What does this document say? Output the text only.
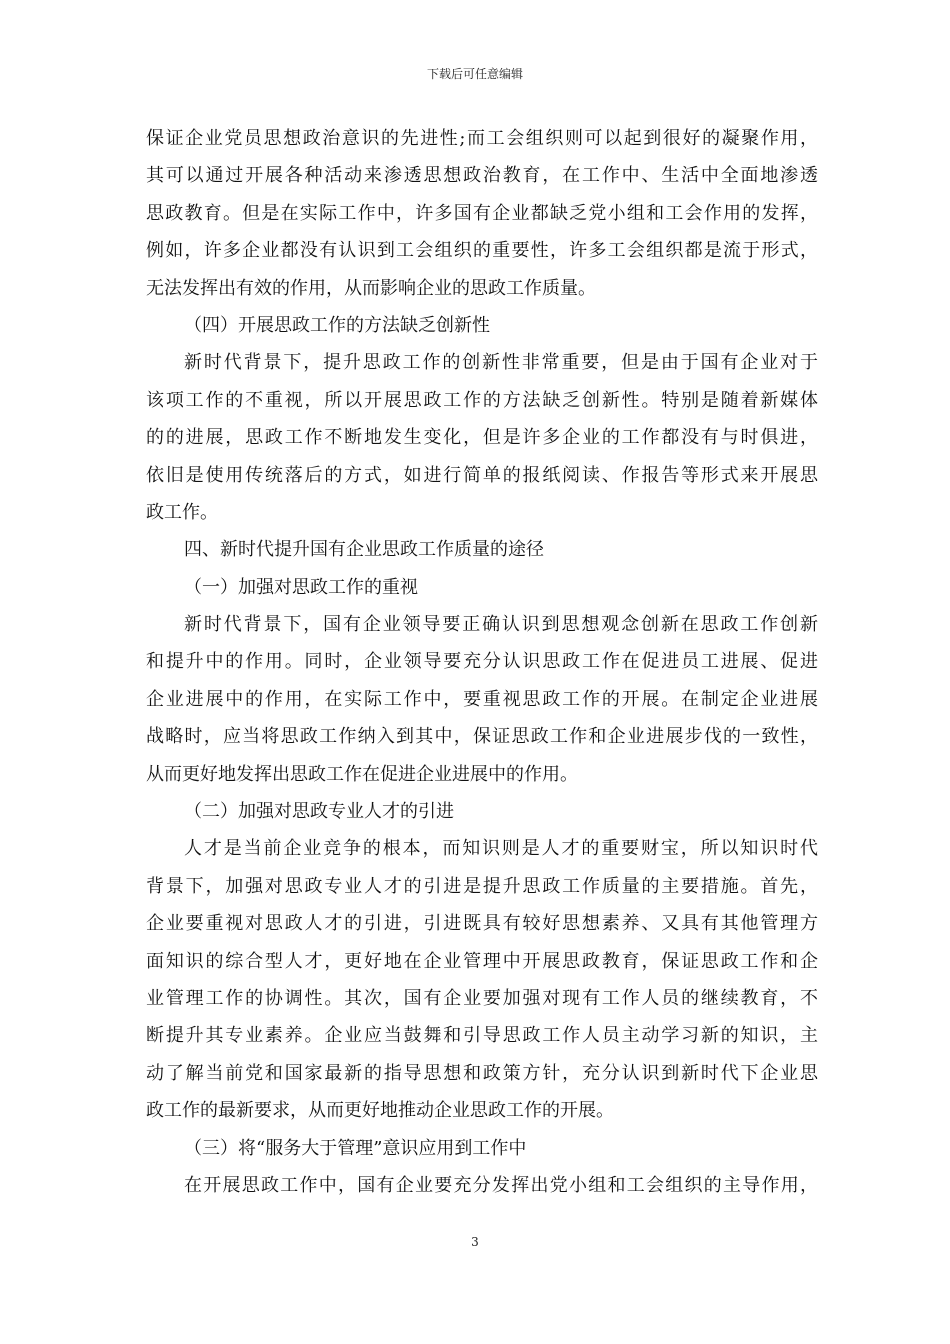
下载后可任意编辑
保证企业党员思想政治意识的先进性;而工会组织则可以起到很好的凝聚作用，
其可以通过开展各种活动来渗透思想政治教育，在工作中、生活中全面地渗透
思政教育。但是在实际工作中，许多国有企业都缺乏党小组和工会作用的发挥，
例如，许多企业都没有认识到工会组织的重要性，许多工会组织都是流于形式，
无法发挥出有效的作用，从而影响企业的思政工作质量。
（四）开展思政工作的方法缺乏创新性
新时代背景下，提升思政工作的创新性非常重要，但是由于国有企业对于
该项工作的不重视，所以开展思政工作的方法缺乏创新性。特别是随着新媒体
的的进展，思政工作不断地发生变化，但是许多企业的工作都没有与时俱进，
依旧是使用传统落后的方式，如进行简单的报纸阅读、作报告等形式来开展思
政工作。
四、新时代提升国有企业思政工作质量的途径
（一）加强对思政工作的重视
新时代背景下，国有企业领导要正确认识到思想观念创新在思政工作创新
和提升中的作用。同时，企业领导要充分认识思政工作在促进员工进展、促进
企业进展中的作用，在实际工作中，要重视思政工作的开展。在制定企业进展
战略时，应当将思政工作纳入到其中，保证思政工作和企业进展步伐的一致性，
从而更好地发挥出思政工作在促进企业进展中的作用。
（二）加强对思政专业人才的引进
人才是当前企业竞争的根本，而知识则是人才的重要财宝，所以知识时代
背景下，加强对思政专业人才的引进是提升思政工作质量的主要措施。首先，
企业要重视对思政人才的引进，引进既具有较好思想素养、又具有其他管理方
面知识的综合型人才，更好地在企业管理中开展思政教育，保证思政工作和企
业管理工作的协调性。其次，国有企业要加强对现有工作人员的继续教育，不
断提升其专业素养。企业应当鼓舞和引导思政工作人员主动学习新的知识，主
动了解当前党和国家最新的指导思想和政策方针，充分认识到新时代下企业思
政工作的最新要求，从而更好地推动企业思政工作的开展。
（三）将“服务大于管理”意识应用到工作中
在开展思政工作中，国有企业要充分发挥出党小组和工会组织的主导作用，
3
